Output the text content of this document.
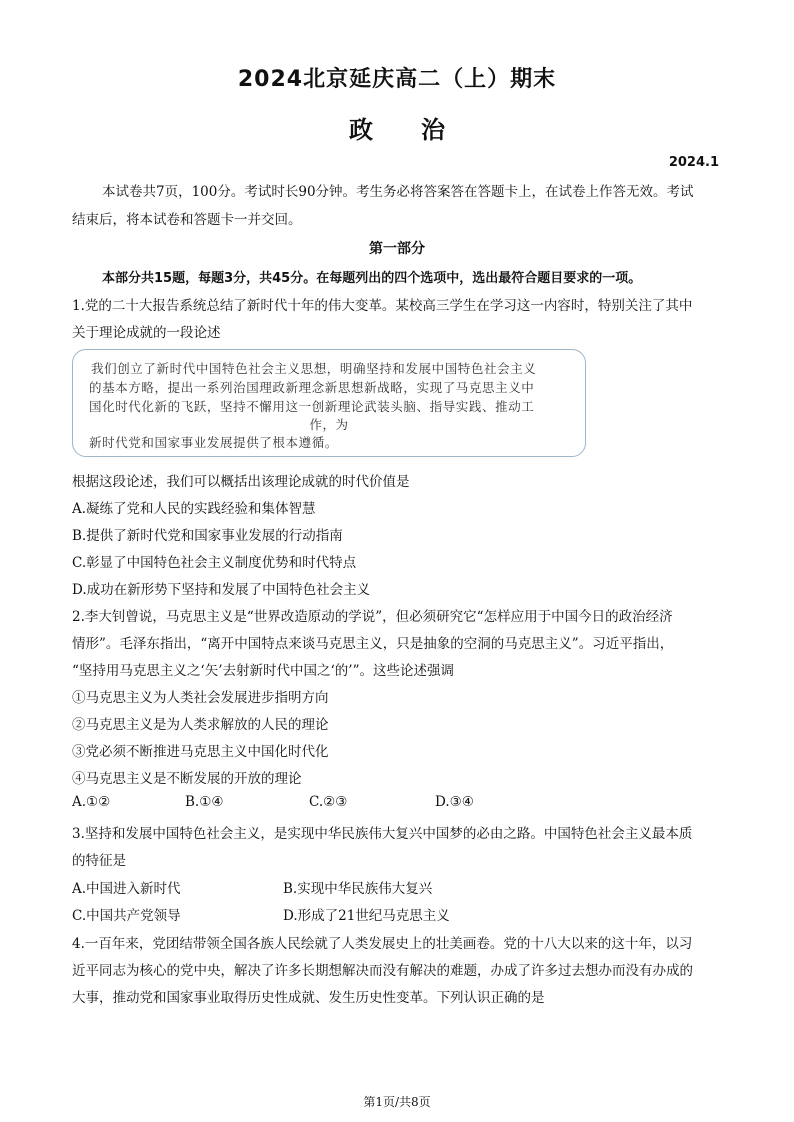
2024北京延庆高二（上）期末
政治
2024.1
本试卷共7页，100分。考试时长90分钟。考生务必将答案答在答题卡上，在试卷上作答无效。考试
结束后，将本试卷和答题卡一并交回。
第一部分
本部分共15题，每题3分，共45分。在每题列出的四个选项中，选出最符合题目要求的一项。
1.党的二十大报告系统总结了新时代十年的伟大变革。某校高三学生在学习这一内容时，特别关注了其中
关于理论成就的一段论述
我们创立了新时代中国特色社会主义思想，明确坚持和发展中国特色社会主义
的基本方略，提出一系列治国理政新理念新思想新战略，实现了马克思主义中
国化时代化新的飞跃，坚持不懈用这一创新理论武装头脑、指导实践、推动工
作，为
新时代党和国家事业发展提供了根本遵循。
根据这段论述，我们可以概括出该理论成就的时代价值是
A.凝练了党和人民的实践经验和集体智慧
B.提供了新时代党和国家事业发展的行动指南
C.彰显了中国特色社会主义制度优势和时代特点
D.成功在新形势下坚持和发展了中国特色社会主义
2.李大钊曾说，马克思主义是“世界改造原动的学说”，但必须研究它“怎样应用于中国今日的政治经济
情形”。毛泽东指出，“离开中国特点来谈马克思主义，只是抽象的空洞的马克思主义”。习近平指出，
“坚持用马克思主义之‘矢’去射新时代中国之‘的’”。这些论述强调
①马克思主义为人类社会发展进步指明方向
②马克思主义是为人类求解放的人民的理论
③党必须不断推进马克思主义中国化时代化
④马克思主义是不断发展的开放的理论
A.①②	B.①④	C.②③	D.③④
3.坚持和发展中国特色社会主义，是实现中华民族伟大复兴中国梦的必由之路。中国特色社会主义最本质
的特征是
A.中国进入新时代	B.实现中华民族伟大复兴
C.中国共产党领导	D.形成了21世纪马克思主义
4.一百年来，党团结带领全国各族人民绘就了人类发展史上的壮美画卷。党的十八大以来的这十年，以习
近平同志为核心的党中央，解决了许多长期想解决而没有解决的难题，办成了许多过去想办而没有办成的
大事，推动党和国家事业取得历史性成就、发生历史性变革。下列认识正确的是
第1页/共8页
